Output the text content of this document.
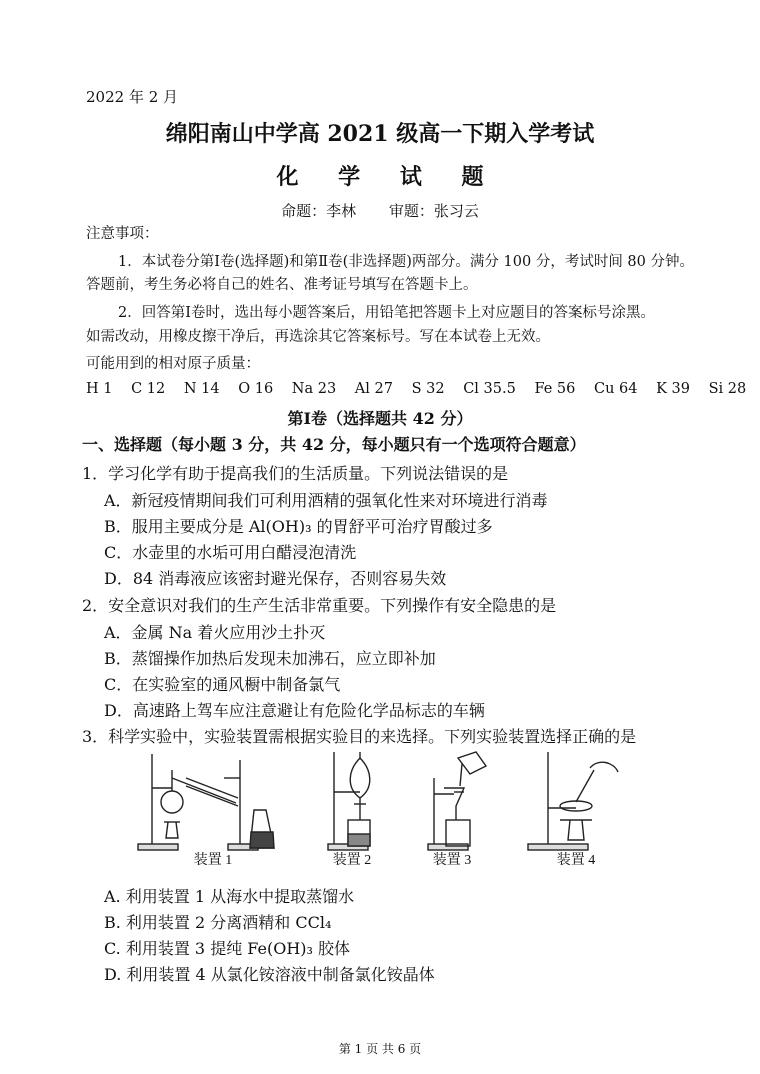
2022 年 2 月
绵阳南山中学高 2021 级高一下期入学考试
化 学 试 题
命题：李林 审题：张习云
注意事项：
1．本试卷分第Ⅰ卷(选择题)和第Ⅱ卷(非选择题)两部分。满分 100 分，考试时间 80 分钟。
答题前，考生务必将自己的姓名、准考证号填写在答题卡上。
2．回答第Ⅰ卷时，选出每小题答案后，用铅笔把答题卡上对应题目的答案标号涂黑。
如需改动，用橡皮擦干净后，再选涂其它答案标号。写在本试卷上无效。
可能用到的相对原子质量：
H 1 C 12 N 14 O 16 Na 23 Al 27 S 32 Cl 35.5 Fe 56 Cu 64 K 39 Si 28
第Ⅰ卷（选择题共 42 分）
一、选择题（每小题 3 分，共 42 分，每小题只有一个选项符合题意）
1．学习化学有助于提高我们的生活质量。下列说法错误的是
A．新冠疫情期间我们可利用酒精的强氧化性来对环境进行消毒
B．服用主要成分是 Al(OH)₃ 的胃舒平可治疗胃酸过多
C．水壶里的水垢可用白醋浸泡清洗
D．84 消毒液应该密封避光保存，否则容易失效
2．安全意识对我们的生产生活非常重要。下列操作有安全隐患的是
A．金属 Na 着火应用沙土扑灭
B．蒸馏操作加热后发现未加沸石，应立即补加
C．在实验室的通风橱中制备氯气
D．高速路上驾车应注意避让有危险化学品标志的车辆
3．科学实验中，实验装置需根据实验目的来选择。下列实验装置选择正确的是
装置 1	装置 2	装置 3	装置 4
A. 利用装置 1 从海水中提取蒸馏水
B. 利用装置 2 分离酒精和 CCl₄
C. 利用装置 3 提纯 Fe(OH)₃ 胶体
D. 利用装置 4 从氯化铵溶液中制备氯化铵晶体
第 1 页 共 6 页
